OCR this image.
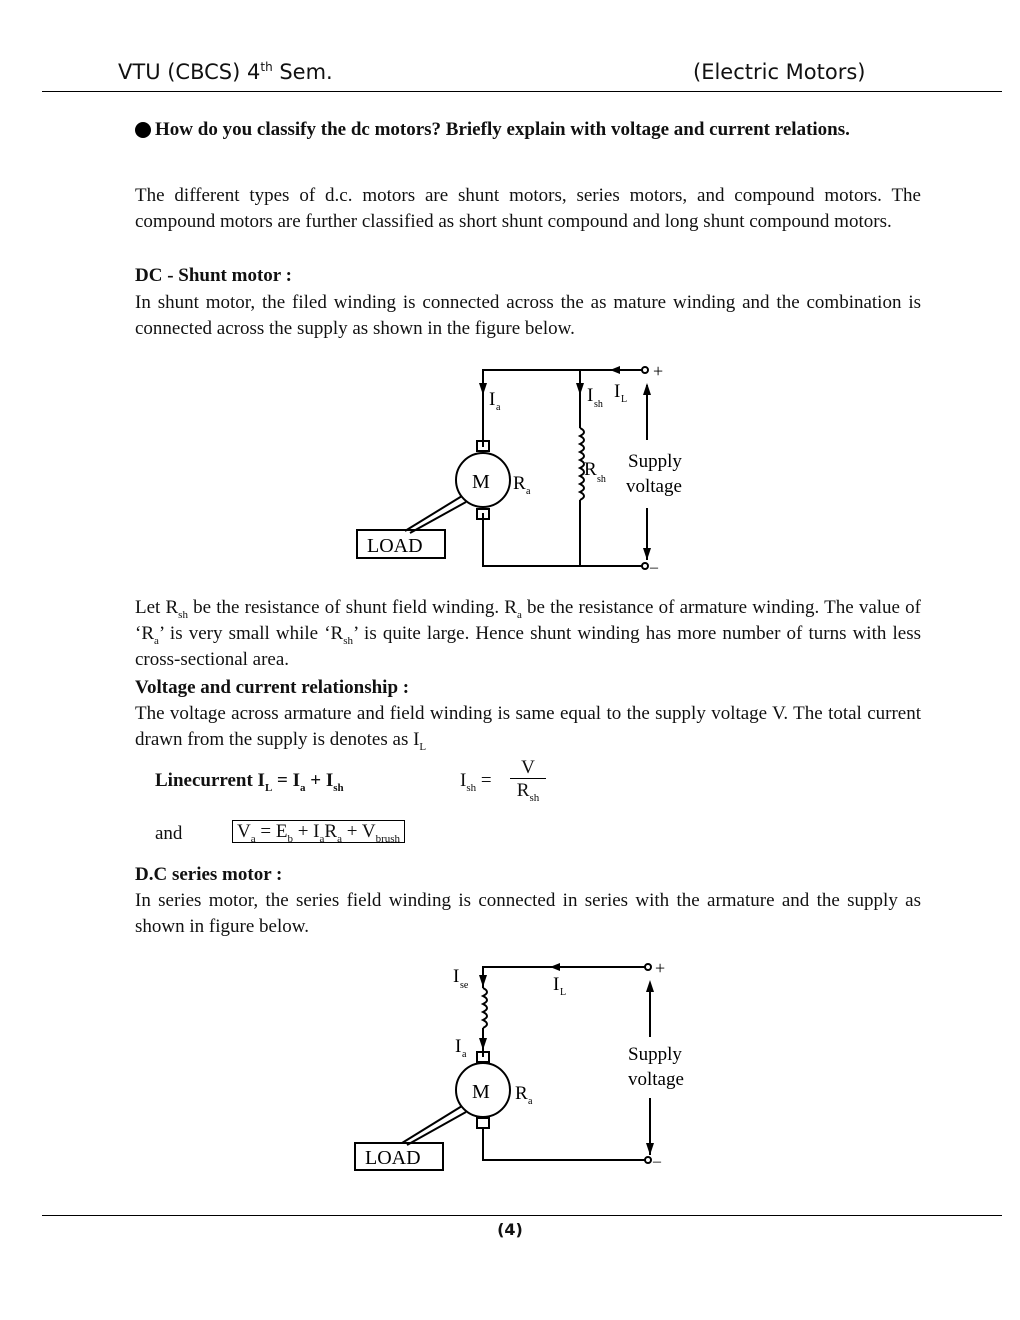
VTU (CBCS) 4th Sem.	(Electric Motors)
How do you classify the dc motors? Briefly explain with voltage and current relations.
The different types of d.c. motors are shunt motors, series motors, and compound motors. The compound motors are further classified as short shunt compound and long shunt compound motors.
DC - Shunt motor :
In shunt motor, the filed winding is connected across the as mature winding and the combination is connected across the supply as shown in the figure below.
M
LOAD
R a
R sh
I a
I sh
I L
Supply
voltage
+
–
M
LOAD
R a
I se
I a
I L
Supply
voltage
+
–
Let $R_{sh}$ be the resistance of shunt field winding. $R_a$ be the resistance of armature winding. The value of ‘$R_a$’ is very small while ‘$R_{sh}$’ is quite large. Hence shunt winding has more number of turns with less cross-sectional area.
Voltage and current relationship :
The voltage across armature and field winding is same equal to the supply voltage V. The total current drawn from the supply is denotes as $I_L$
Linecurrent $I_L = I_a + I_{sh}$	$I_{sh}$ =
V
$R_{sh}$
and	$V_a = E_b + I_aR_a + V_{brush}$
D.C series motor :
In series motor, the series field winding is connected in series with the armature and the supply as shown in figure below.
(4)
